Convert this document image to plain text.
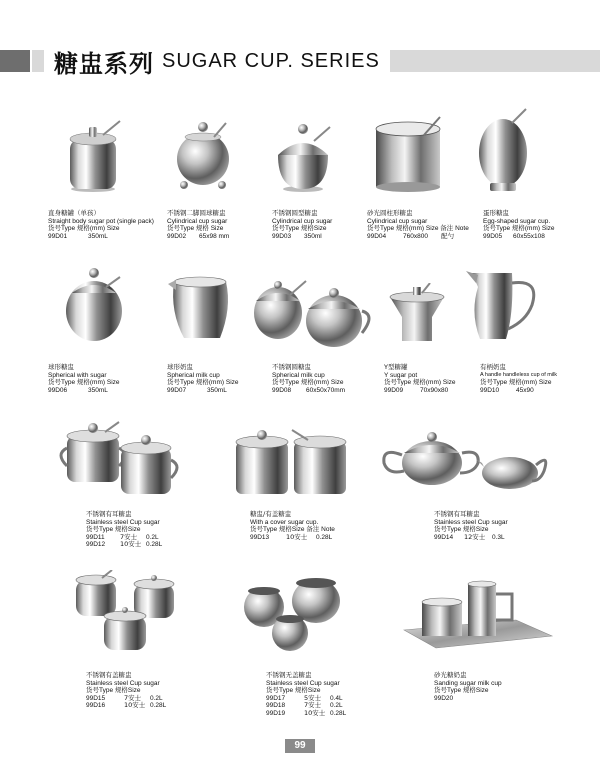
糖盅系列 SUGAR CUP. SERIES
直身糖罐（单孩）
Straight body sugar pot (single pack)
货号Type 规格(mm) Size
99D01	350mL
不锈钢二脚圆球糖盅
Cylindrical cup sugar
货号Type 规格 Size
99D02 65x98 mm
不锈钢圆型糖盅
Cylindrical cup sugar
货号Type 规格Size
99D03 350ml
砂光圆柱形糖盅
Cylindrical cup sugar
货号Type 规格(mm) Size 备注 Note
99D04	760x800 配勺
蛋形糖盅
Egg-shaped sugar cup.
货号Type 规格(mm) Size
99D05 60x55x108
球形糖盅
Spherical with sugar
货号Type 规格(mm) Size
99D06	350mL
球形奶盅
Spherical milk cup
货号Type 规格(mm) Size
99D07	350mL
不锈钢圆糖盅
Spherical milk cup
货号Type 规格(mm) Size
99D08 60x50x70mm
Y型糖罐
Y sugar pot
货号Type 规格(mm) Size
99D09	70x90x80
有柄奶盅
A handle handleless cup of milk
货号Type 规格(mm) Size
99D10	45x90
不锈钢有耳糖盅
Stainless steel Cup sugar
货号Type 规格Size
99D11 7安士 0.2L
99D12 10安士 0.28L
糖盅/有盖糖盅
With a cover sugar cup.
货号Type 规格Size 备注 Note
99D13	10安士 0.28L
不锈钢有耳糖盅
Stainless steel Cup sugar
货号Type 规格Size
99D14 12安士 0.3L
不锈钢有盖糖盅
Stainless steel Cup sugar
货号Type 规格Size
99D15	7安士 0.2L
99D16	10安士 0.28L
不锈钢无盖糖盅
Stainless steel Cup sugar
货号Type 规格Size
99D17	5安士 0.4L
99D18	7安士 0.2L
99D19	10安士 0.28L
砂光糖奶盅
Sanding sugar milk cup
货号Type 规格Size
99D20
99
